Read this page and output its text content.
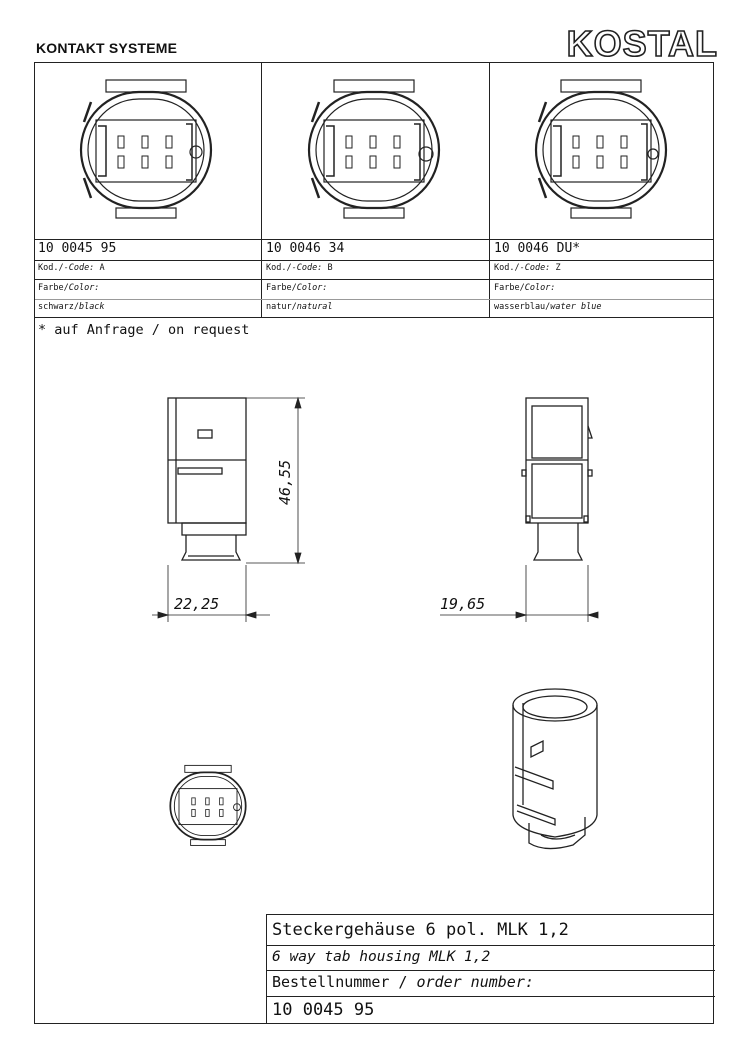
KONTAKT SYSTEME	KOSTAL
10 0045 95	10 0046 34	10 0046 DU*
Kod./-Code: A	Kod./-Code: B	Kod./-Code: Z
Farbe/Color:	Farbe/Color:	Farbe/Color:
schwarz/black	natur/natural	wasserblau/water blue
* auf Anfrage / on request
46,55
22,25	19,65
Steckergehäuse 6 pol. MLK 1,2
6 way tab housing MLK 1,2
Bestellnummer / order number:
10 0045 95
